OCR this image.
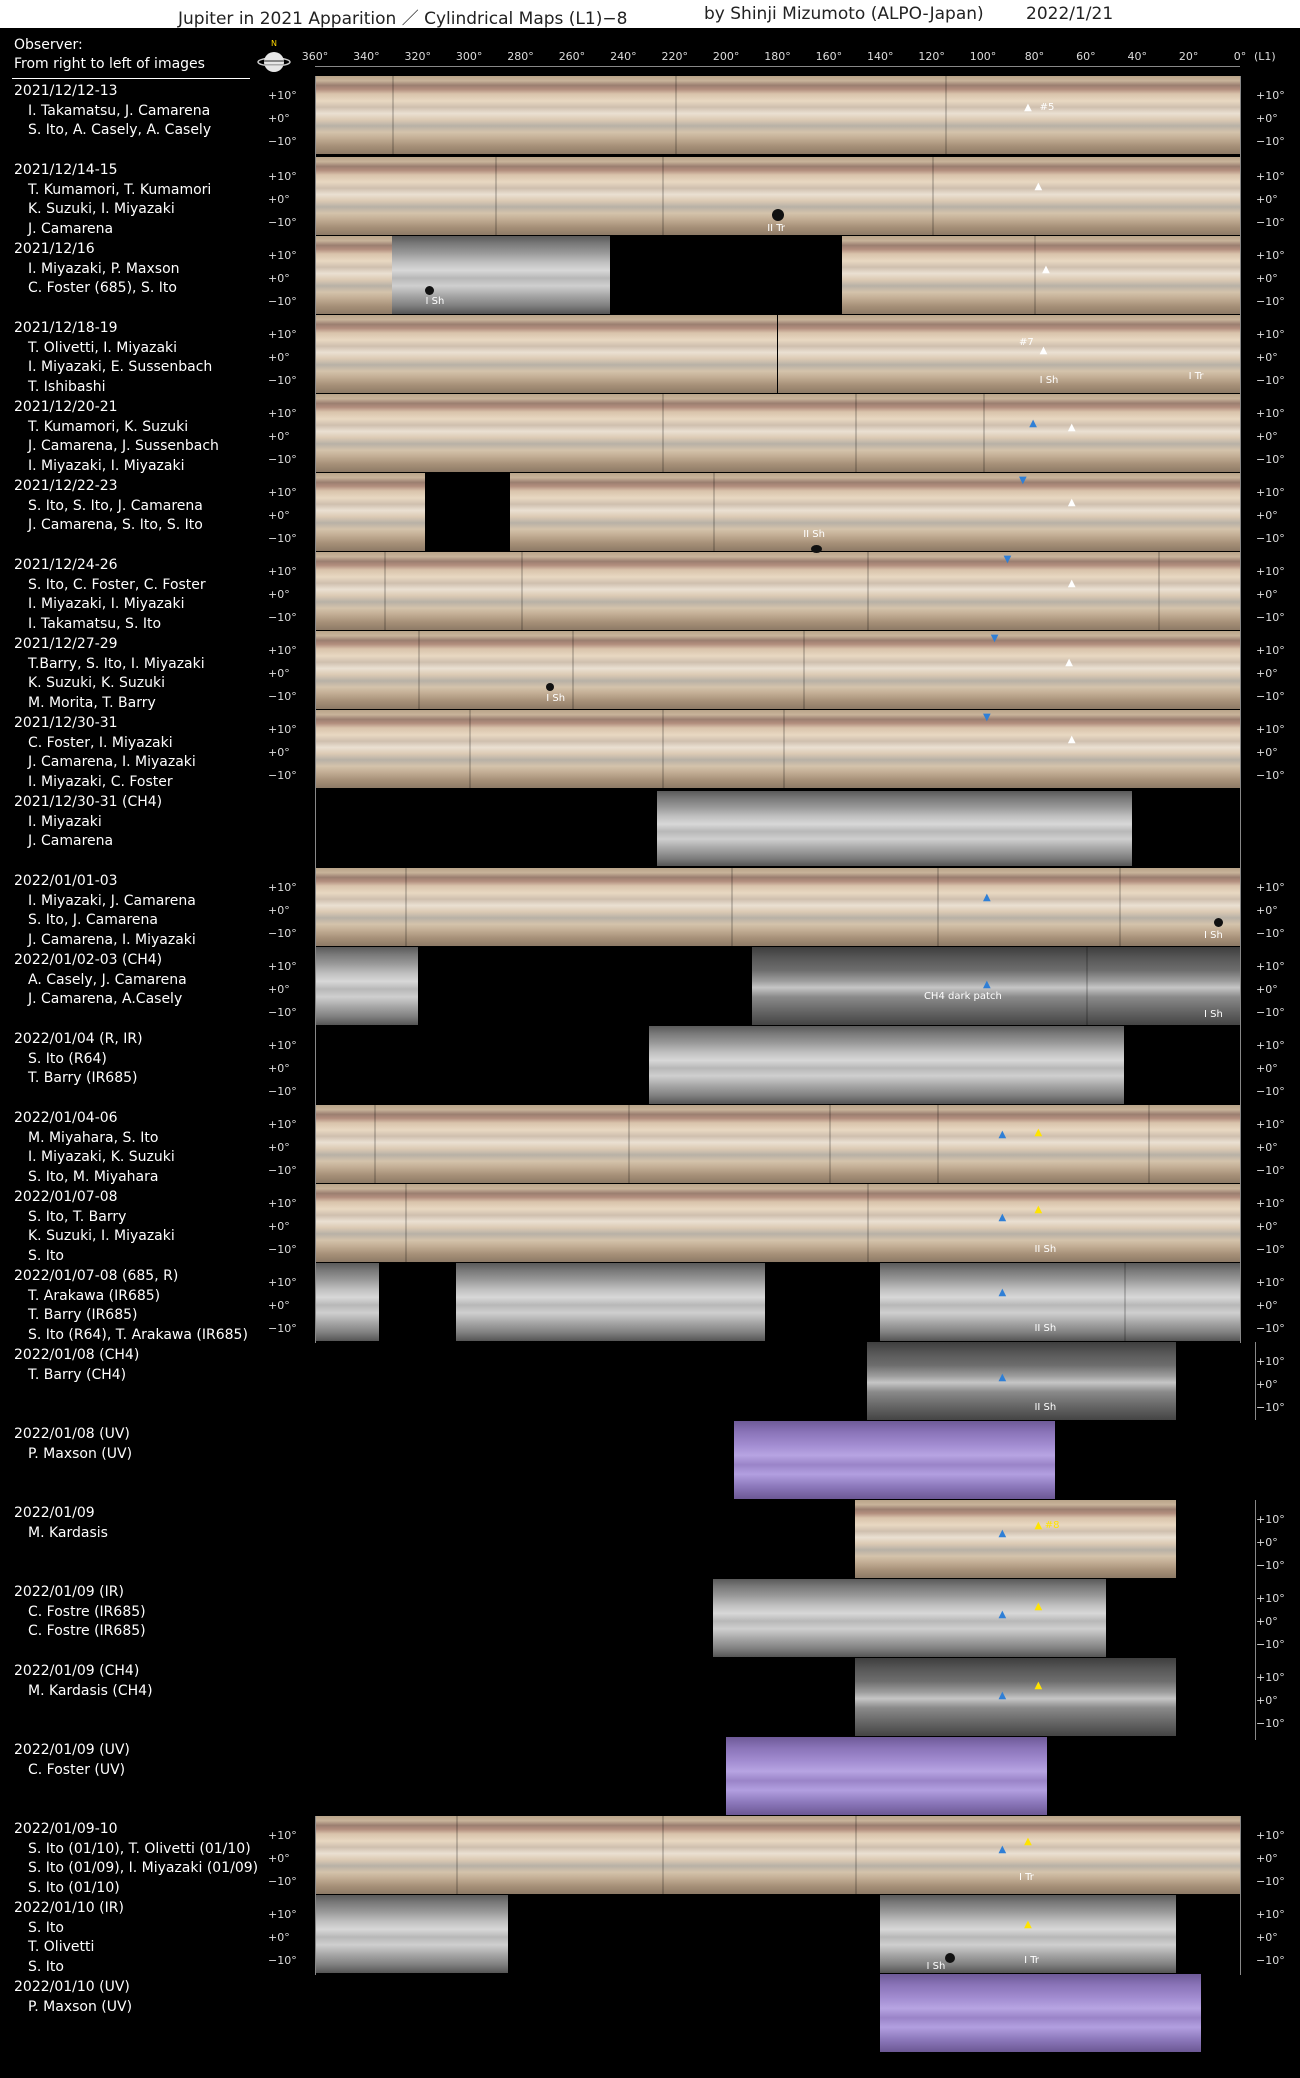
Jupiter in 2021 Apparition ／ Cylindrical Maps (L1)−8	by Shinji Mizumoto (ALPO-Japan) 2022/1/21
Observer:
From right to left of images
N
360° 340° 320° 300° 280° 260° 240° 220° 200° 180° 160° 140° 120° 100°	80°	60°	40°	20°	0° (L1)
2021/12/12-13
I. Takamatsu, J. Camarena
S. Ito, A. Casely, A. Casely
+10°
+0°
−10°
+10°
+0°
−10°
2021/12/14-15
T. Kumamori, T. Kumamori
K. Suzuki, I. Miyazaki
J. Camarena
+10°
+0°
−10°
+10°
+0°
−10°
2021/12/16
I. Miyazaki, P. Maxson
C. Foster (685), S. Ito
+10°
+0°
−10°
+10°
+0°
−10°
2021/12/18-19
T. Olivetti, I. Miyazaki
I. Miyazaki, E. Sussenbach
T. Ishibashi
+10°
+0°
−10°
+10°
+0°
−10°
2021/12/20-21
T. Kumamori, K. Suzuki
J. Camarena, J. Sussenbach
I. Miyazaki, I. Miyazaki
+10°
+0°
−10°
+10°
+0°
−10°
2021/12/22-23
S. Ito, S. Ito, J. Camarena
J. Camarena, S. Ito, S. Ito
+10°
+0°
−10°
+10°
+0°
−10°
2021/12/24-26
S. Ito, C. Foster, C. Foster
I. Miyazaki, I. Miyazaki
I. Takamatsu, S. Ito
+10°
+0°
−10°
+10°
+0°
−10°
2021/12/27-29
T.Barry, S. Ito, I. Miyazaki
K. Suzuki, K. Suzuki
M. Morita, T. Barry
+10°
+0°
−10°
+10°
+0°
−10°
2021/12/30-31
C. Foster, I. Miyazaki
J. Camarena, I. Miyazaki
I. Miyazaki, C. Foster
+10°
+0°
−10°
+10°
+0°
−10°
2021/12/30-31 (CH4)
I. Miyazaki
J. Camarena
2022/01/01-03
I. Miyazaki, J. Camarena
S. Ito, J. Camarena
J. Camarena, I. Miyazaki
+10°
+0°
−10°
+10°
+0°
−10°
2022/01/02-03 (CH4)
A. Casely, J. Camarena
J. Camarena, A.Casely
+10°
+0°
−10°
+10°
+0°
−10°
2022/01/04 (R, IR)
S. Ito (R64)
T. Barry (IR685)
+10°
+0°
−10°
+10°
+0°
−10°
2022/01/04-06
M. Miyahara, S. Ito
I. Miyazaki, K. Suzuki
S. Ito, M. Miyahara
+10°
+0°
−10°
+10°
+0°
−10°
2022/01/07-08
S. Ito, T. Barry
K. Suzuki, I. Miyazaki
S. Ito
+10°
+0°
−10°
+10°
+0°
−10°
2022/01/07-08 (685, R)
T. Arakawa (IR685)
T. Barry (IR685)
S. Ito (R64), T. Arakawa (IR685)
+10°
+0°
−10°
+10°
+0°
−10°
2022/01/08 (CH4)
T. Barry (CH4)
+10°
+0°
−10°
2022/01/08 (UV)
P. Maxson (UV)
2022/01/09
M. Kardasis
+10°
+0°
−10°
2022/01/09 (IR)
C. Fostre (IR685)
C. Fostre (IR685)
+10°
+0°
−10°
2022/01/09 (CH4)
M. Kardasis (CH4)
+10°
+0°
−10°
2022/01/09 (UV)
C. Foster (UV)
2022/01/09-10
S. Ito (01/10), T. Olivetti (01/10)
S. Ito (01/09), I. Miyazaki (01/09)
S. Ito (01/10)
+10°
+0°
−10°
+10°
+0°
−10°
2022/01/10 (IR)
S. Ito
T. Olivetti
S. Ito
+10°
+0°
−10°
+10°
+0°
−10°
2022/01/10 (UV)
P. Maxson (UV)
▲ #5
▲
II Tr
▲
I Sh
▲
#7
I Sh	I Tr
▲	▲
▼
▲
II Sh
▼
▲
▼
▲
I Sh
▼
▲
▲
I Sh
▲
CH4 dark patch
I Sh
▲	▲
▲
▲
II Sh
▲
II Sh
▲
II Sh
▲
▲ #8
▲
▲
▲
▲
▲
▲
I Tr
▲
I Sh
I Tr
